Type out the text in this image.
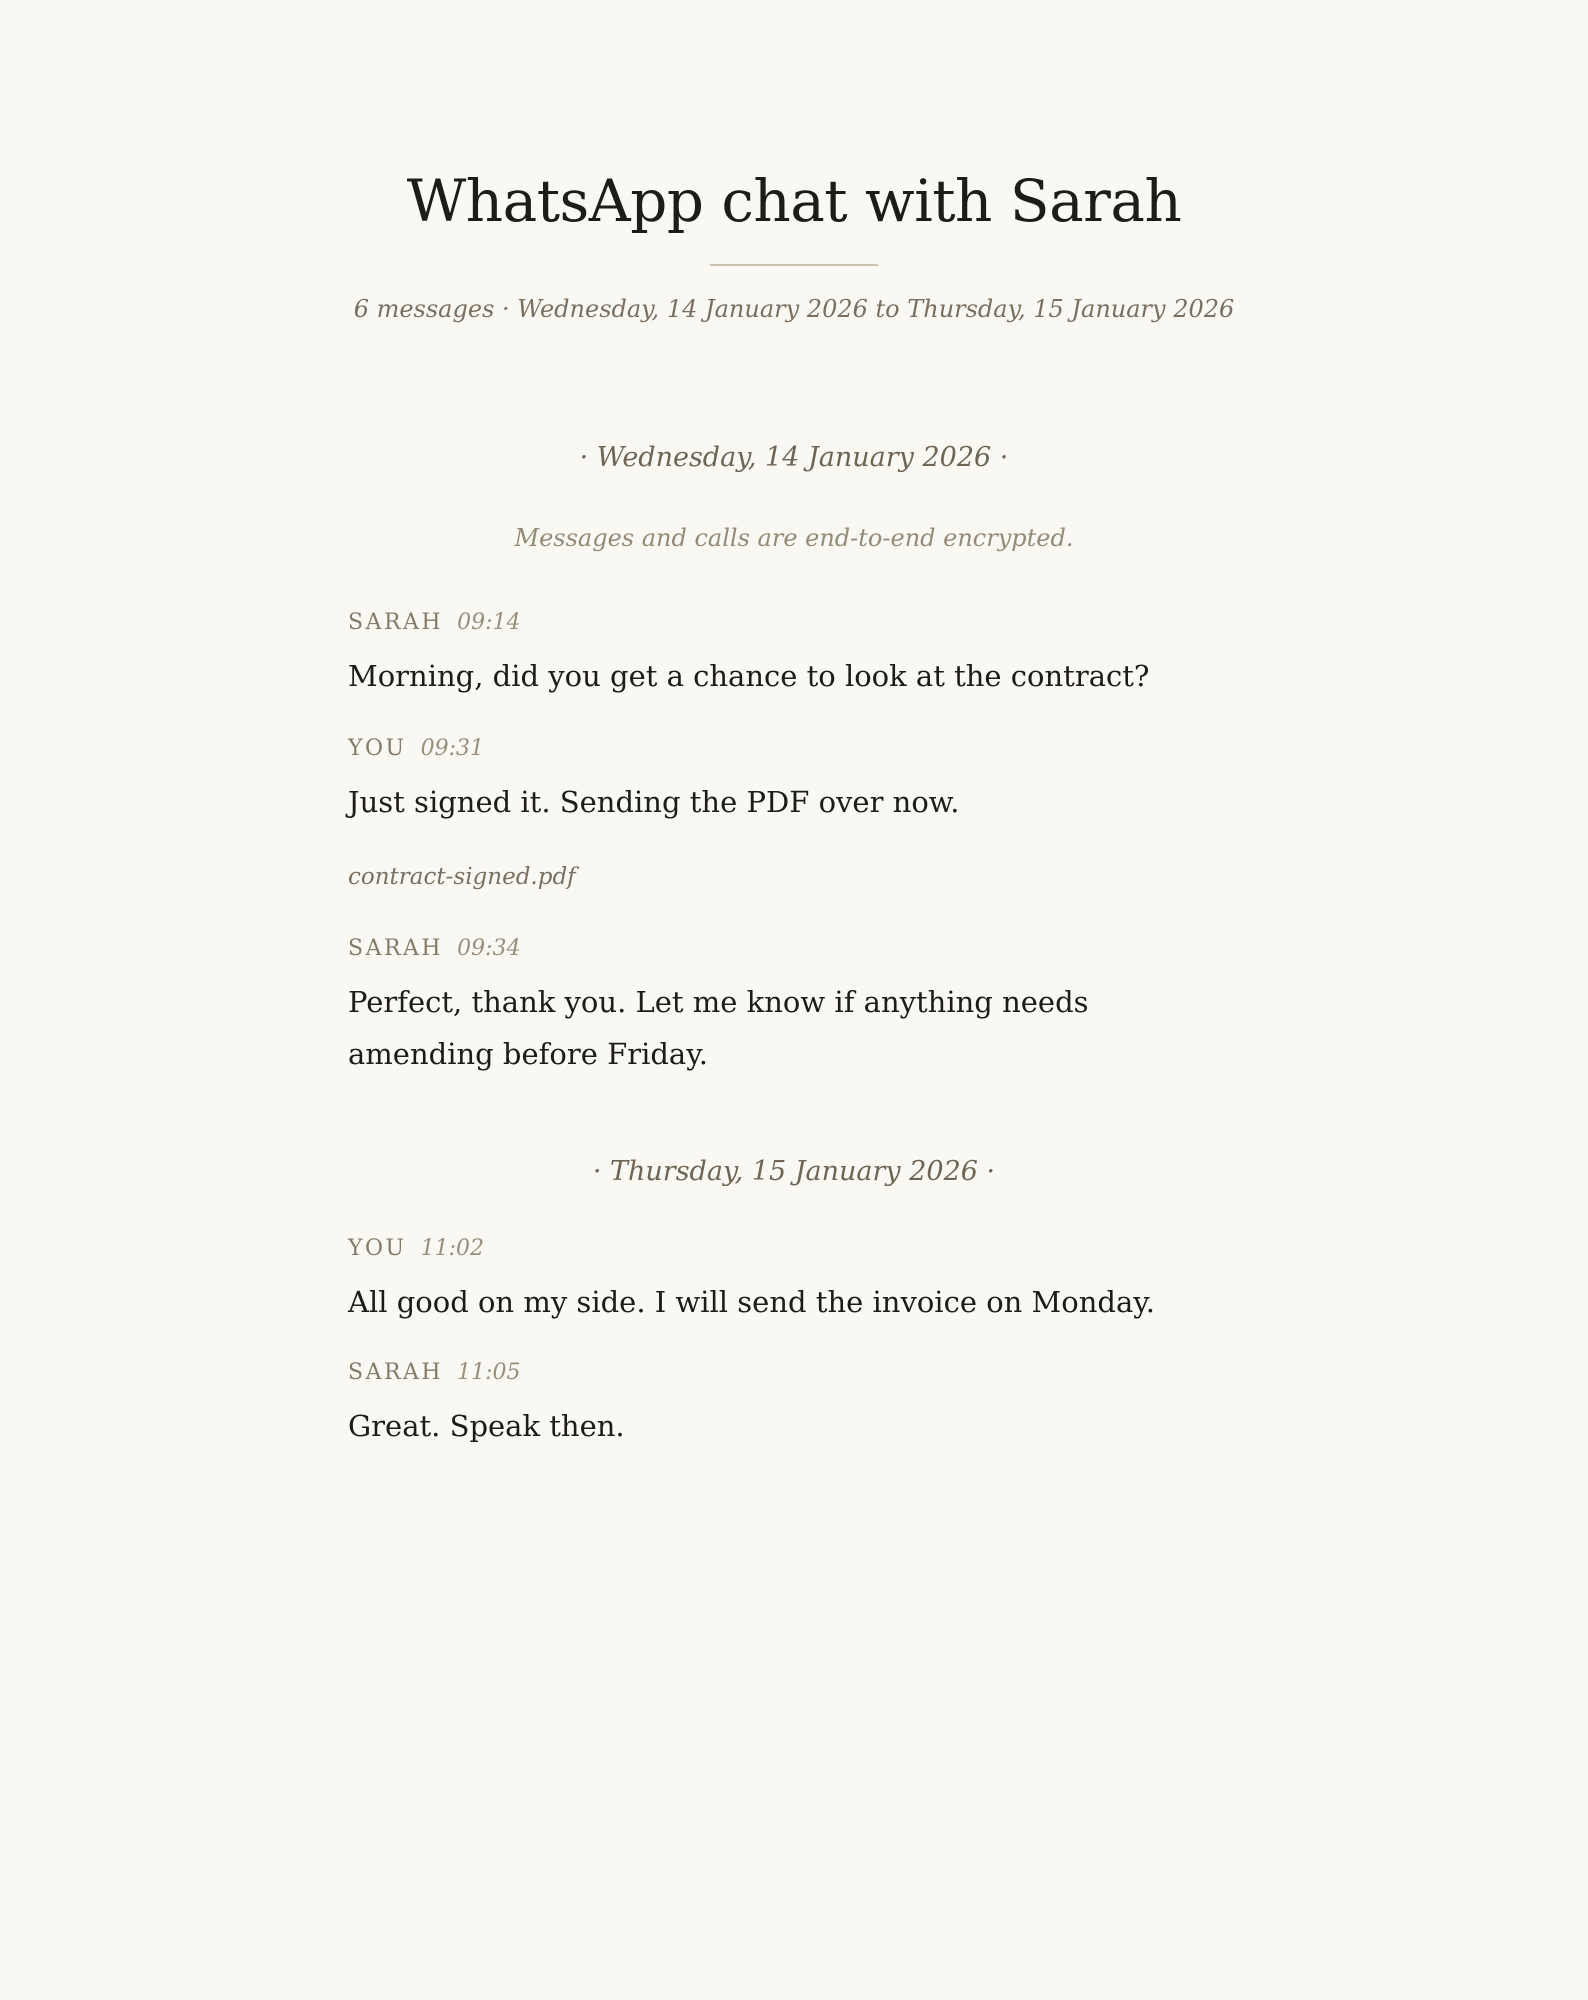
WhatsApp chat with Sarah
6 messages · Wednesday, 14 January 2026 to Thursday, 15 January 2026
· Wednesday, 14 January 2026 ·
Messages and calls are end-to-end encrypted.
SARAH 09:14
Morning, did you get a chance to look at the contract?
YOU 09:31
Just signed it. Sending the PDF over now.
contract-signed.pdf
SARAH 09:34
Perfect, thank you. Let me know if anything needs amending before Friday.
· Thursday, 15 January 2026 ·
YOU 11:02
All good on my side. I will send the invoice on Monday.
SARAH 11:05
Great. Speak then.
